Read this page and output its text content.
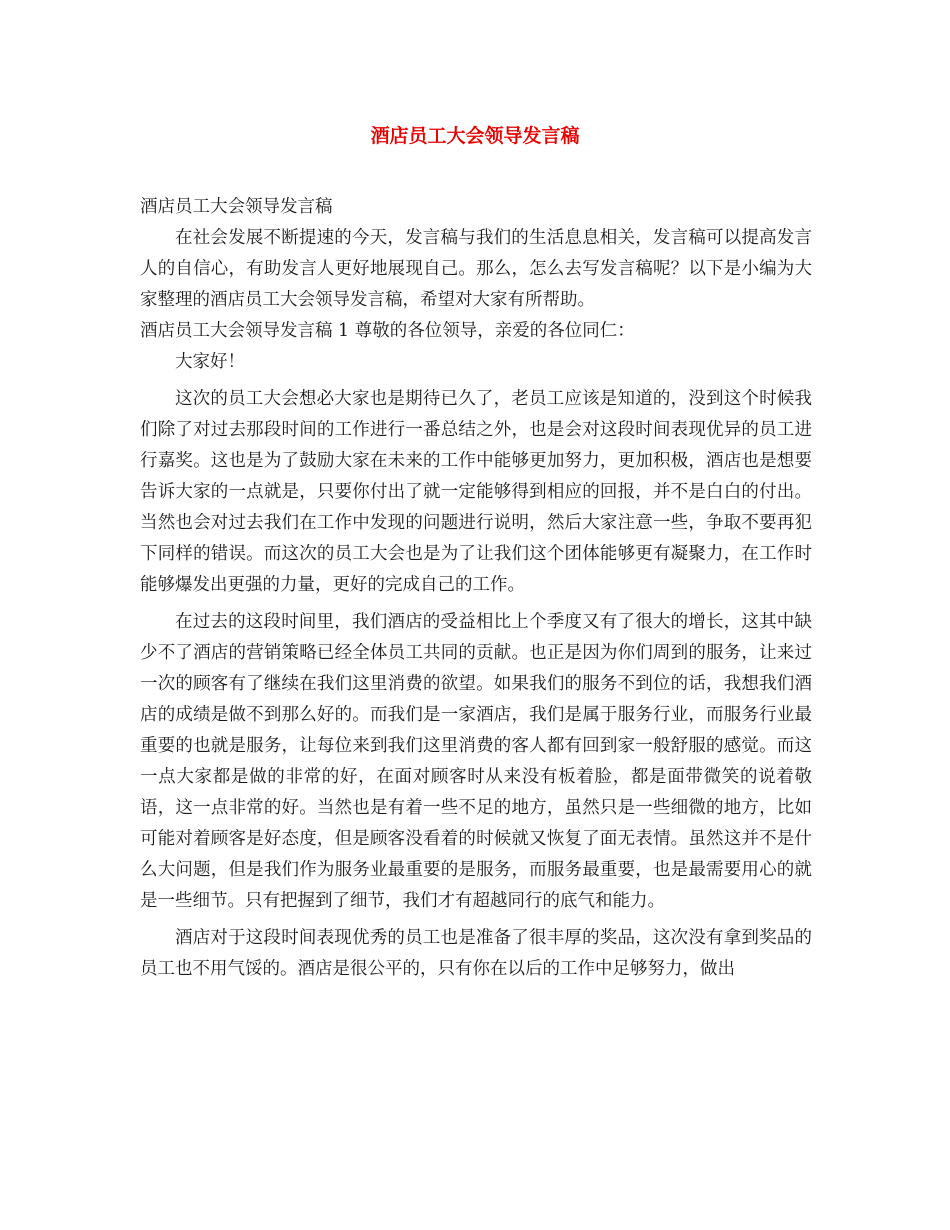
酒店员工大会领导发言稿

酒店员工大会领导发言稿

在社会发展不断提速的今天，发言稿与我们的生活息息相关，发言稿可以提高发言人的自信心，有助发言人更好地展现自己。那么，怎么去写发言稿呢？以下是小编为大家整理的酒店员工大会领导发言稿，希望对大家有所帮助。

酒店员工大会领导发言稿 1 尊敬的各位领导，亲爱的各位同仁：

大家好！

这次的员工大会想必大家也是期待已久了，老员工应该是知道的，没到这个时候我们除了对过去那段时间的工作进行一番总结之外，也是会对这段时间表现优异的员工进行嘉奖。这也是为了鼓励大家在未来的工作中能够更加努力，更加积极，酒店也是想要告诉大家的一点就是，只要你付出了就一定能够得到相应的回报，并不是白白的付出。当然也会对过去我们在工作中发现的问题进行说明，然后大家注意一些，争取不要再犯下同样的错误。而这次的员工大会也是为了让我们这个团体能够更有凝聚力，在工作时能够爆发出更强的力量，更好的完成自己的工作。

在过去的这段时间里，我们酒店的受益相比上个季度又有了很大的增长，这其中缺少不了酒店的营销策略已经全体员工共同的贡献。也正是因为你们周到的服务，让来过一次的顾客有了继续在我们这里消费的欲望。如果我们的服务不到位的话，我想我们酒店的成绩是做不到那么好的。而我们是一家酒店，我们是属于服务行业，而服务行业最重要的也就是服务，让每位来到我们这里消费的客人都有回到家一般舒服的感觉。而这一点大家都是做的非常的好，在面对顾客时从来没有板着脸，都是面带微笑的说着敬语，这一点非常的好。当然也是有着一些不足的地方，虽然只是一些细微的地方，比如可能对着顾客是好态度，但是顾客没看着的时候就又恢复了面无表情。虽然这并不是什么大问题，但是我们作为服务业最重要的是服务，而服务最重要，也是最需要用心的就是一些细节。只有把握到了细节，我们才有超越同行的底气和能力。

酒店对于这段时间表现优秀的员工也是准备了很丰厚的奖品，这次没有拿到奖品的员工也不用气馁的。酒店是很公平的，只有你在以后的工作中足够努力，做出
